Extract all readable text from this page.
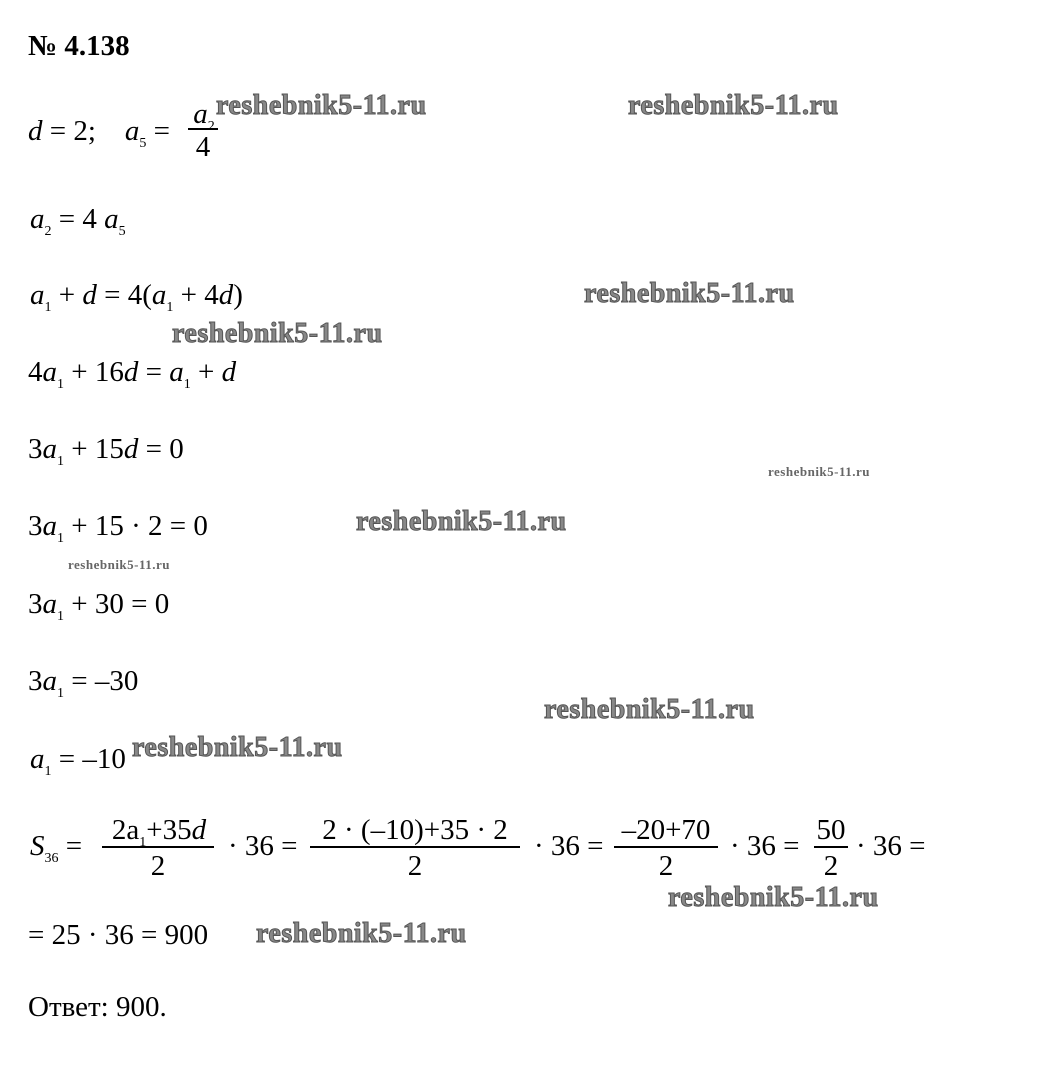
№ 4.138
d = 2; $a_5$ =
$a_2$
4
$a_2 = 4$ $a_5$
$a_1 + d = 4(a_1 + 4d)$
$4a_1 + 16d = a_1 + d$
$3a_1 + 15d = 0$
$3a_1 + 15 \cdot 2 = 0$
$3a_1 + 30 = 0$
$3a_1 = -30$
$a_1 = -10$
$S_{36}$ =	$2a_1+35d$
2
· 36 = 2 · (–10)+35 · 2
2
· 36 = –20+70
2
· 36 = 50
2
· 36 =
= 25 · 36 = 900
Ответ: 900.
reshebnik5-11.ru	reshebnik5-11.ru
reshebnik5-11.ru
reshebnik5-11.ru
reshebnik5-11.ru
reshebnik5-11.ru
reshebnik5-11.ru
reshebnik5-11.ru
reshebnik5-11.ru
reshebnik5-11.ru
reshebnik5-11.ru
